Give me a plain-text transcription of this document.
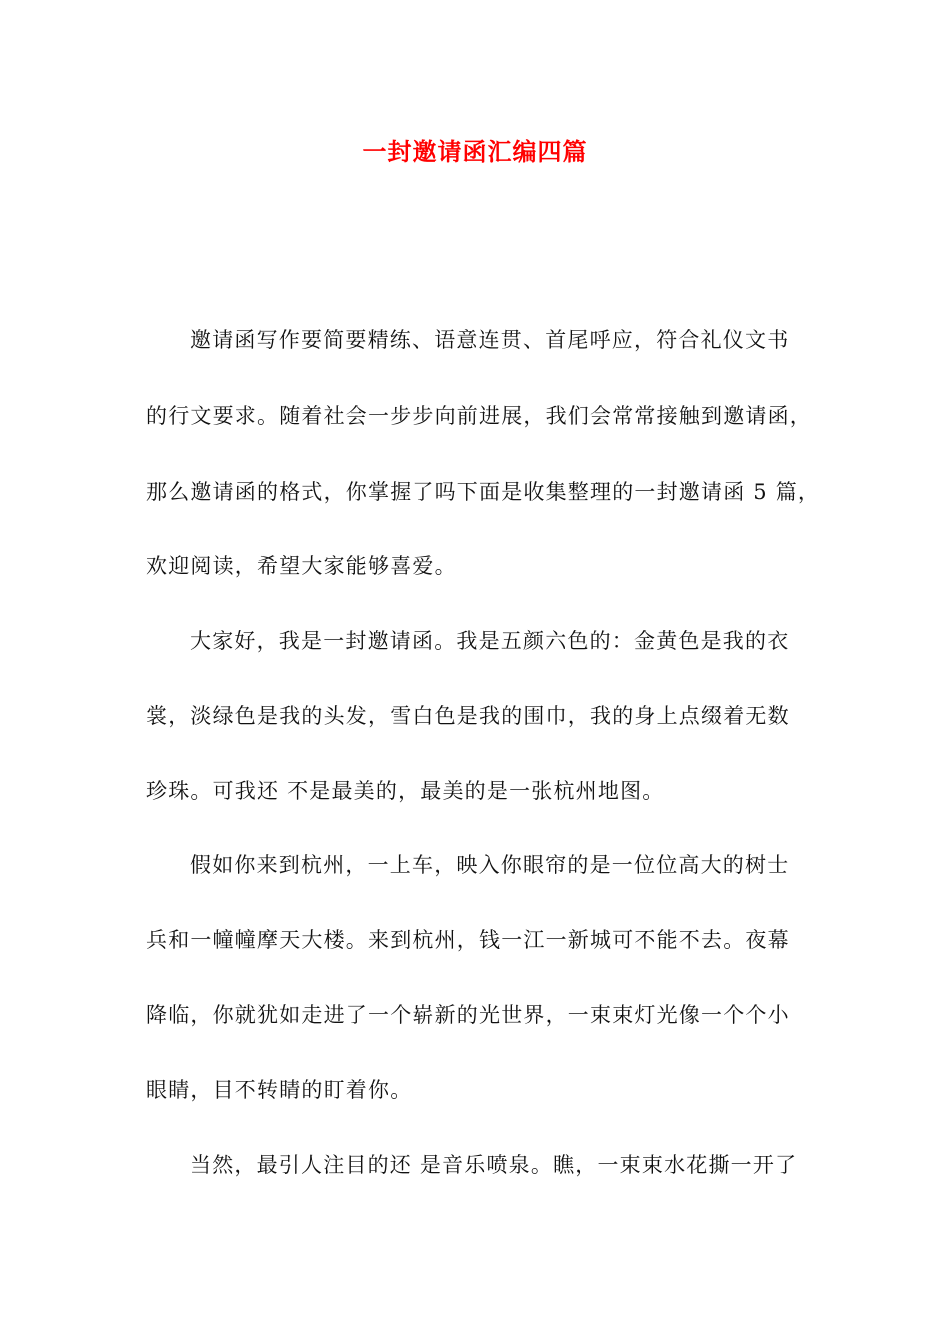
一封邀请函汇编四篇

邀请函写作要简要精练、语意连贯、首尾呼应，符合礼仪文书

的行文要求。随着社会一步步向前进展，我们会常常接触到邀请函，

那么邀请函的格式，你掌握了吗下面是收集整理的一封邀请函 5 篇，

欢迎阅读，希望大家能够喜爱。

大家好，我是一封邀请函。我是五颜六色的：金黄色是我的衣

裳，淡绿色是我的头发，雪白色是我的围巾，我的身上点缀着无数

珍珠。可我还 不是最美的，最美的是一张杭州地图。

假如你来到杭州，一上车，映入你眼帘的是一位位高大的树士

兵和一幢幢摩天大楼。来到杭州，钱一江一新城可不能不去。夜幕

降临，你就犹如走进了一个崭新的光世界，一束束灯光像一个个小

眼睛，目不转睛的盯着你。

当然，最引人注目的还 是音乐喷泉。瞧，一束束水花撕一开了
